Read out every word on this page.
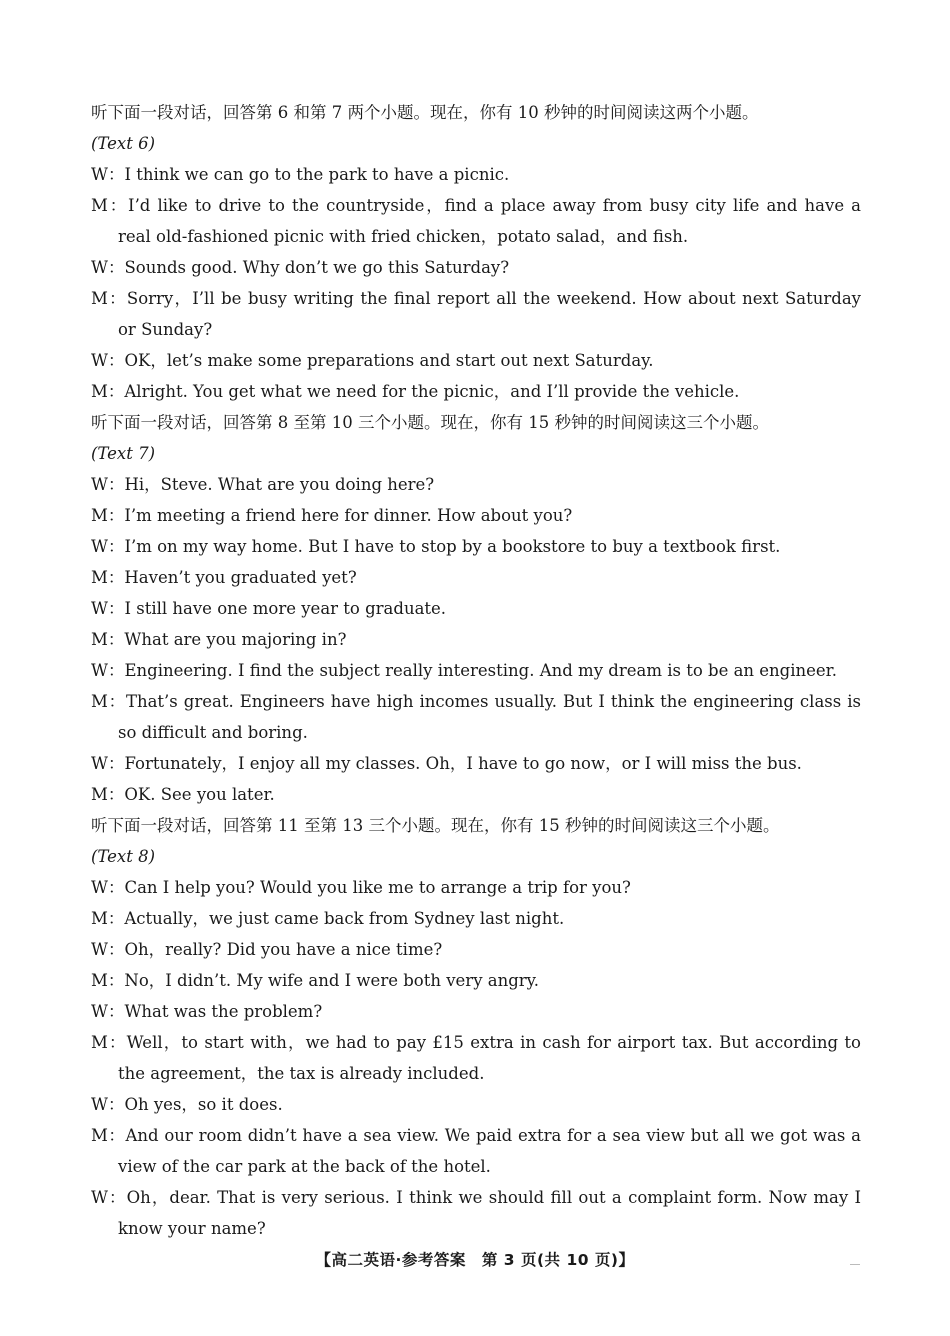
听下面一段对话，回答第 6 和第 7 两个小题。现在，你有 10 秒钟的时间阅读这两个小题。
(Text 6)
W：I think we can go to the park to have a picnic.
M：I’d like to drive to the countryside，find a place away from busy city life and have a real old-fashioned picnic with fried chicken，potato salad，and fish.
W：Sounds good. Why don’t we go this Saturday?
M：Sorry，I’ll be busy writing the final report all the weekend. How about next Saturday or Sunday?
W：OK，let’s make some preparations and start out next Saturday.
M：Alright. You get what we need for the picnic，and I’ll provide the vehicle.
听下面一段对话，回答第 8 至第 10 三个小题。现在，你有 15 秒钟的时间阅读这三个小题。
(Text 7)
W：Hi，Steve. What are you doing here?
M：I’m meeting a friend here for dinner. How about you?
W：I’m on my way home. But I have to stop by a bookstore to buy a textbook first.
M：Haven’t you graduated yet?
W：I still have one more year to graduate.
M：What are you majoring in?
W：Engineering. I find the subject really interesting. And my dream is to be an engineer.
M：That’s great. Engineers have high incomes usually. But I think the engineering class is so difficult and boring.
W：Fortunately，I enjoy all my classes. Oh，I have to go now，or I will miss the bus.
M：OK. See you later.
听下面一段对话，回答第 11 至第 13 三个小题。现在，你有 15 秒钟的时间阅读这三个小题。
(Text 8)
W：Can I help you? Would you like me to arrange a trip for you?
M：Actually，we just came back from Sydney last night.
W：Oh，really? Did you have a nice time?
M：No，I didn’t. My wife and I were both very angry.
W：What was the problem?
M：Well，to start with，we had to pay £15 extra in cash for airport tax. But according to the agreement，the tax is already included.
W：Oh yes，so it does.
M：And our room didn’t have a sea view. We paid extra for a sea view but all we got was a view of the car park at the back of the hotel.
W：Oh，dear. That is very serious. I think we should fill out a complaint form. Now may I know your name?
【高二英语·参考答案　第 3 页(共 10 页)】
